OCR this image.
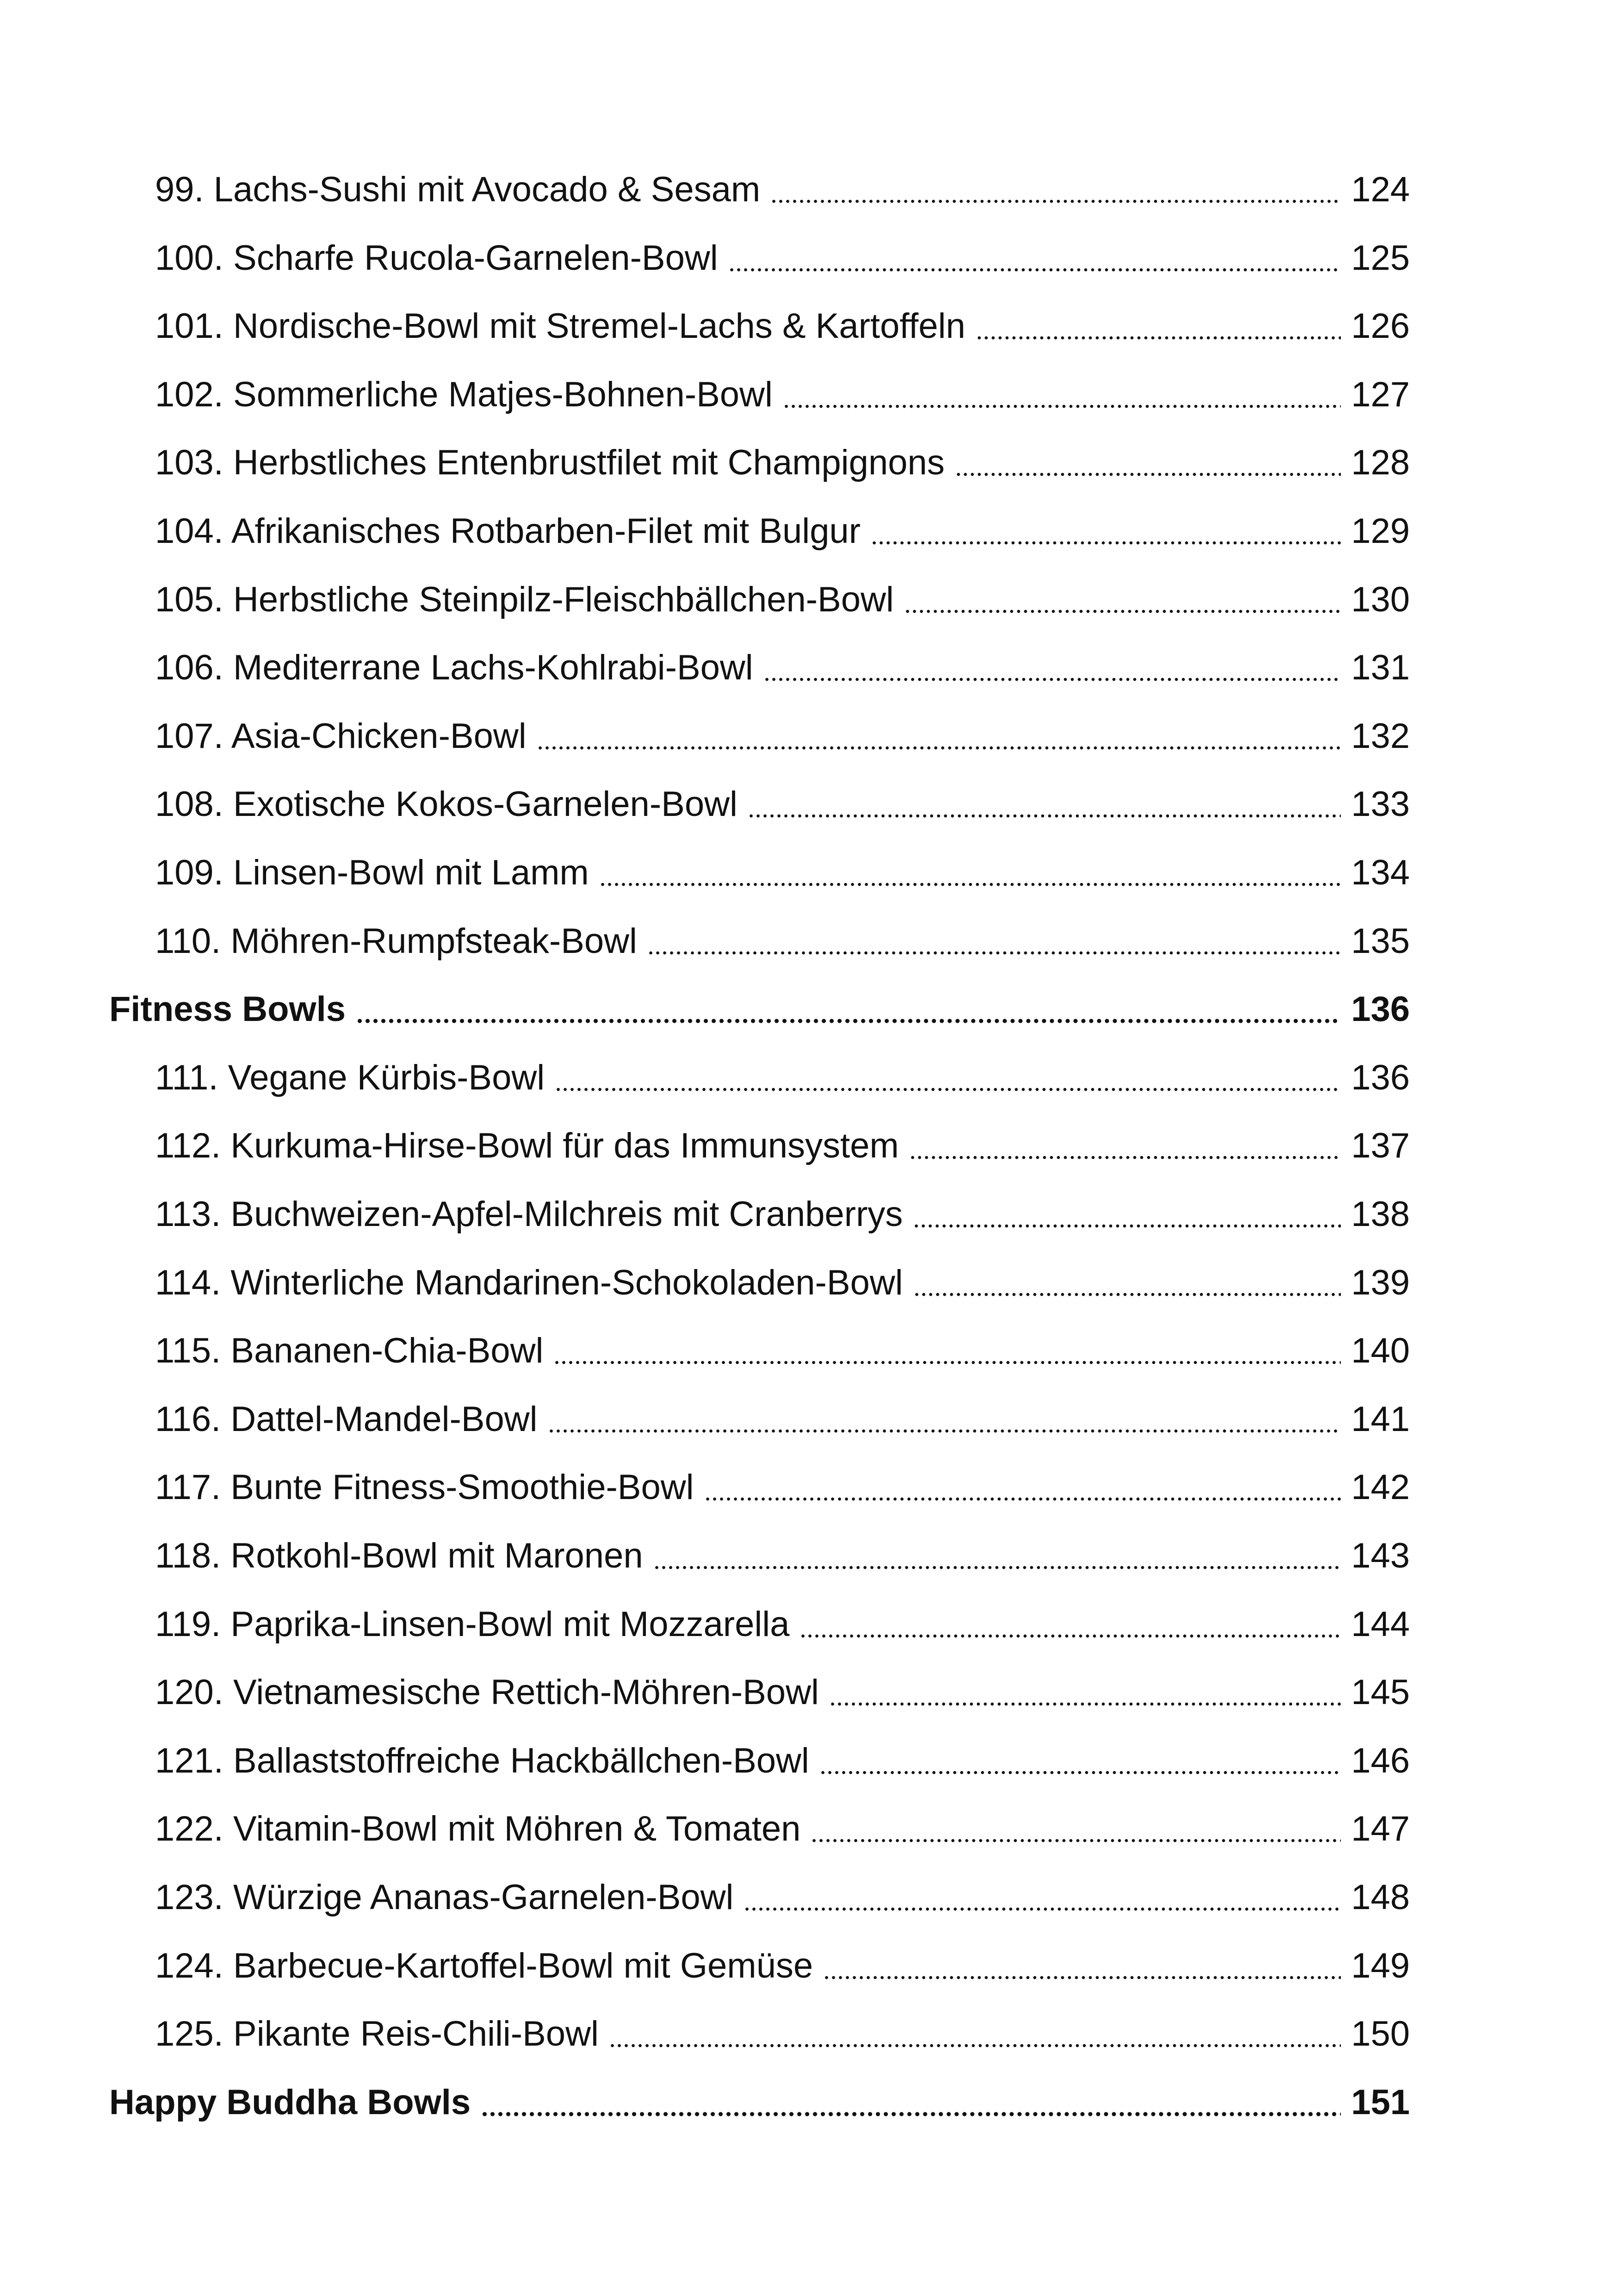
99. Lachs-Sushi mit Avocado & Sesam	124
100. Scharfe Rucola-Garnelen-Bowl	125
101. Nordische-Bowl mit Stremel-Lachs & Kartoffeln	126
102. Sommerliche Matjes-Bohnen-Bowl	127
103. Herbstliches Entenbrustfilet mit Champignons	128
104. Afrikanisches Rotbarben-Filet mit Bulgur	129
105. Herbstliche Steinpilz-Fleischbällchen-Bowl	130
106. Mediterrane Lachs-Kohlrabi-Bowl	131
107. Asia-Chicken-Bowl	132
108. Exotische Kokos-Garnelen-Bowl	133
109. Linsen-Bowl mit Lamm	134
110. Möhren-Rumpfsteak-Bowl	135
Fitness Bowls	136
111. Vegane Kürbis-Bowl	136
112. Kurkuma-Hirse-Bowl für das Immunsystem	137
113. Buchweizen-Apfel-Milchreis mit Cranberrys	138
114. Winterliche Mandarinen-Schokoladen-Bowl	139
115. Bananen-Chia-Bowl	140
116. Dattel-Mandel-Bowl	141
117. Bunte Fitness-Smoothie-Bowl	142
118. Rotkohl-Bowl mit Maronen	143
119. Paprika-Linsen-Bowl mit Mozzarella	144
120. Vietnamesische Rettich-Möhren-Bowl	145
121. Ballaststoffreiche Hackbällchen-Bowl	146
122. Vitamin-Bowl mit Möhren & Tomaten	147
123. Würzige Ananas-Garnelen-Bowl	148
124. Barbecue-Kartoffel-Bowl mit Gemüse	149
125. Pikante Reis-Chili-Bowl	150
Happy Buddha Bowls	151
